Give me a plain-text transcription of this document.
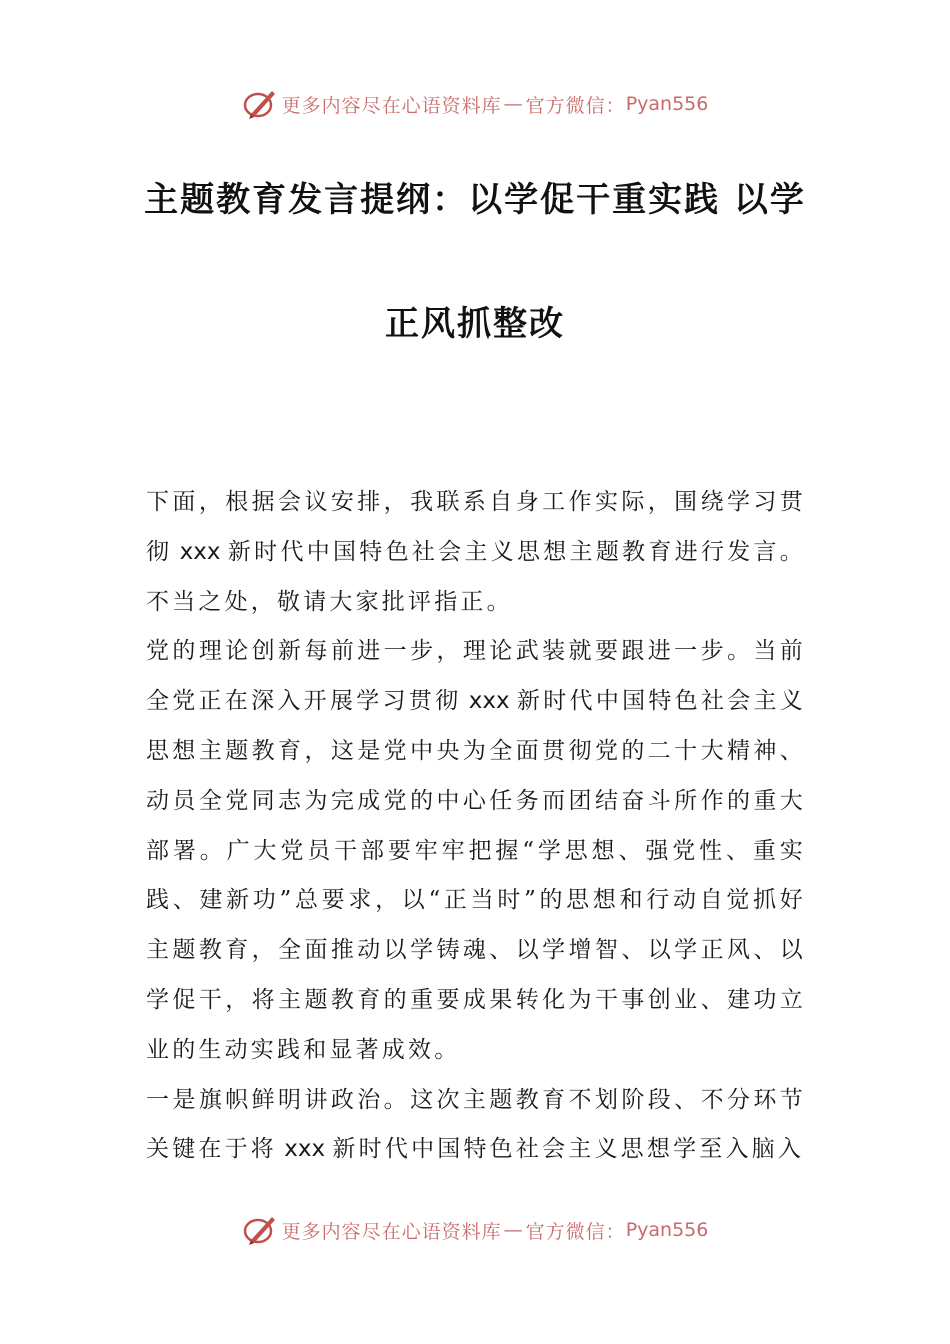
更多内容尽在心语资料库 — 官方微信： Pyan556
主题教育发言提纲：以学促干重实践 以学
正风抓整改

下面，根据会议安排，我联系自身工作实际，围绕学习贯彻 xxx 新时代中国特色社会主义思想主题教育进行发言。不当之处，敬请大家批评指正。

党的理论创新每前进一步，理论武装就要跟进一步。当前全党正在深入开展学习贯彻 xxx 新时代中国特色社会主义思想主题教育，这是党中央为全面贯彻党的二十大精神、动员全党同志为完成党的中心任务而团结奋斗所作的重大部署。广大党员干部要牢牢把握“学思想、强党性、重实践、建新功”总要求，以“正当时”的思想和行动自觉抓好主题教育，全面推动以学铸魂、以学增智、以学正风、以学促干，将主题教育的重要成果转化为干事创业、建功立业的生动实践和显著成效。

一是旗帜鲜明讲政治。这次主题教育不划阶段、不分环节关键在于将 xxx 新时代中国特色社会主义思想学至入脑入

更多内容尽在心语资料库 — 官方微信： Pyan556
